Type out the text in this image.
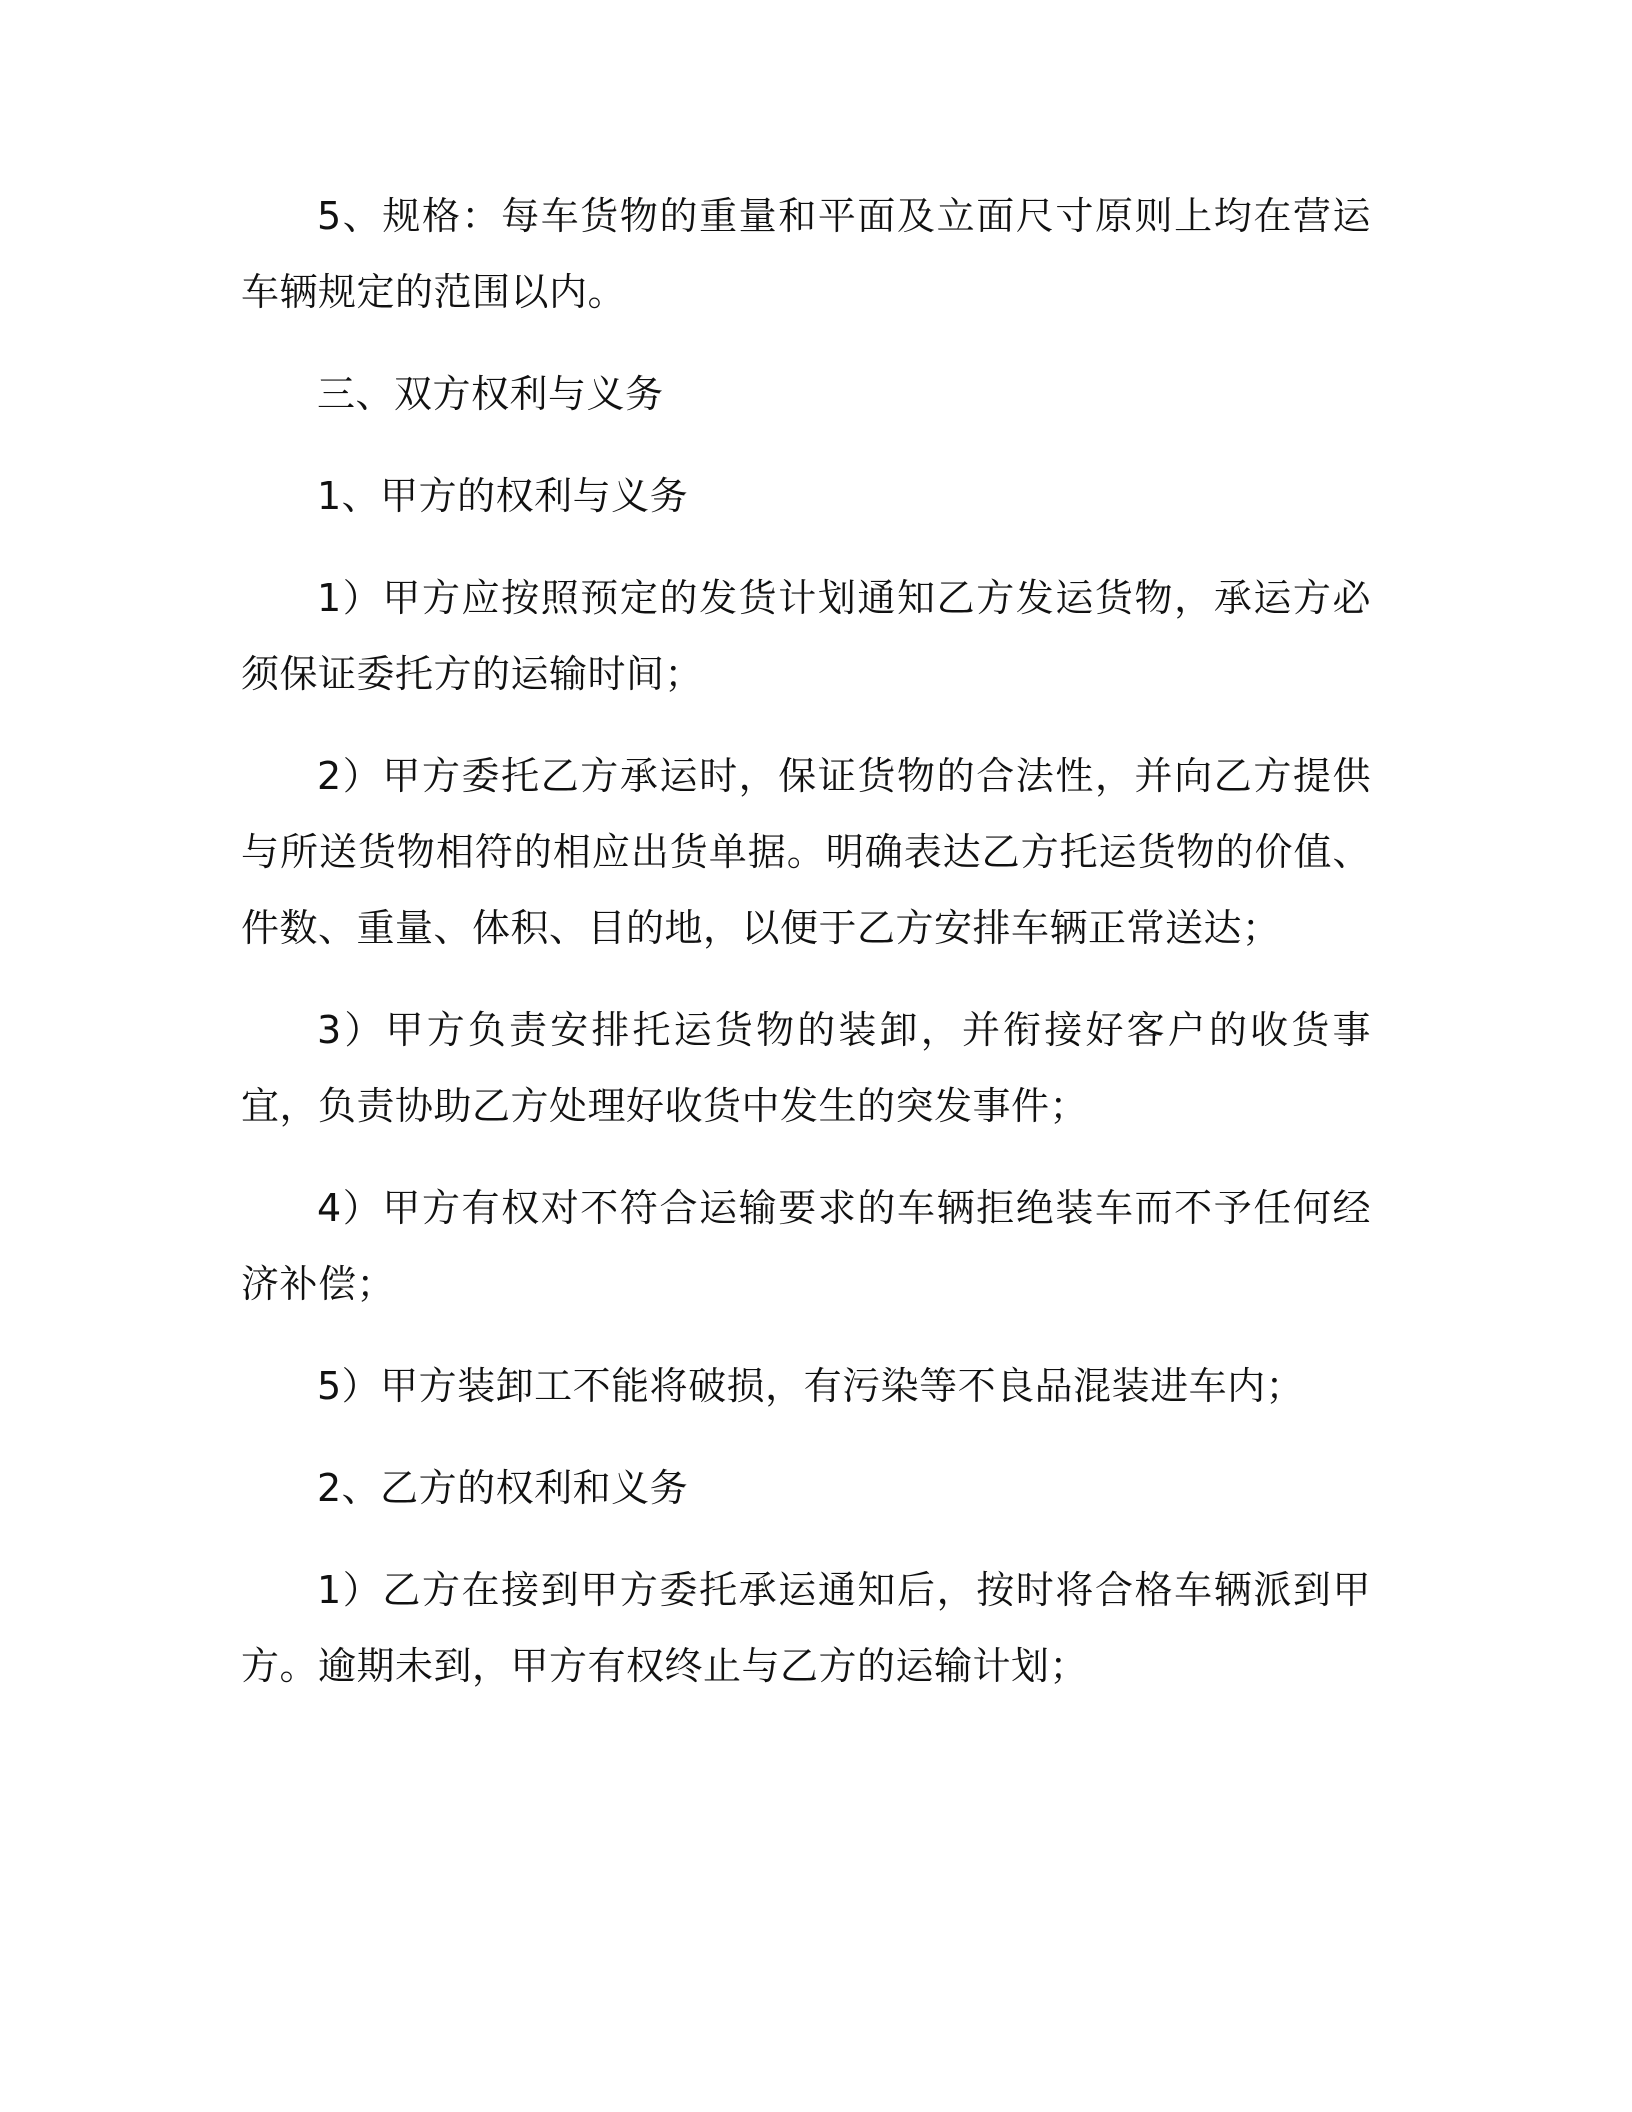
5、规格：每车货物的重量和平面及立面尺寸原则上均在营运车辆规定的范围以内。

三、双方权利与义务

1、甲方的权利与义务

1）甲方应按照预定的发货计划通知乙方发运货物，承运方必须保证委托方的运输时间；

2）甲方委托乙方承运时，保证货物的合法性，并向乙方提供与所送货物相符的相应出货单据。明确表达乙方托运货物的价值、件数、重量、体积、目的地，以便于乙方安排车辆正常送达；

3）甲方负责安排托运货物的装卸，并衔接好客户的收货事宜，负责协助乙方处理好收货中发生的突发事件；

4）甲方有权对不符合运输要求的车辆拒绝装车而不予任何经济补偿；

5）甲方装卸工不能将破损，有污染等不良品混装进车内；

2、乙方的权利和义务

1）乙方在接到甲方委托承运通知后，按时将合格车辆派到甲方。逾期未到，甲方有权终止与乙方的运输计划；
